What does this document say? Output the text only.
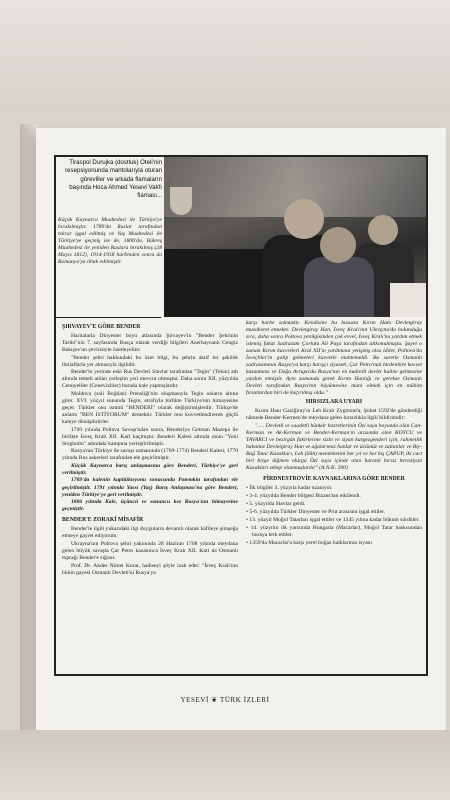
Tiraspol Durujka (dostluk) Oteli'nin resepsiyonunda mantolarıyla oturan görevliler ve arkada flamaların başında Hoca Ahmed Yesevi Vakfı flaması...
Küçük Kaynarca Muahedesi ile Türkiye'ye bırakılmıştır. 1789'da Ruslar tarafından tekrar işgal edilmiş ve Yaş Muahedesi ile Türkiye'ye geçmiş ise de, 1806'da, Bükreş Muahedesi ile yeniden Ruslara bırakılmış (28 Mayıs 1812), 1914-1918 harbinden sonra da Romanya'ya ilhak edilmiştir.
ŞIRVAYEV'E GÖRE BENDER

Haritalarla Dinyester boyu atlasında Şirvayev'in "Bender Şehrinin Tarihi"nin 7. sayfasında Rusça olarak verdiği bilgileri Azerbaycanlı Cengiz Bakışov'un çevirisiyle özetleyelim:

"Bender şehri hakkındaki bu özet bilgi, bu şehrin aktif bir şekilde ihtilaflarla yer almasıyla ilgilidir.

Bender'in yerinde eski Rus Devleti Slavlar tarafından "Tegin" (Tekin) adı altında temeli atılan yerleşim yeri mevcut olmuştur. Daha sonra XII. yüzyılda Cenuyeliler (Cenevizliler) burada kale yapmışlardır.

Moldova (sali Boğdan) Prensliği'nin oluşmasıyla Tegin onların altına girer. XVI. yüzyıl sonunda Tegin, etrafıyla birlikte Türkiye'nin himayesine geçer. Türkler onu ismini "BENDERİ" olarak değiştirmişlerdir. Türkçe'de anlamı "BEN İSTİYORUM" demektir. Türkler onu kuvvetlendirerek güçlü kaleye dönüştürürler.

1709 yılında Poltava Savaşı'ndan sonra, Benderiya Getman Mazepa ile birlikte İsveç Kralı XII. Karl kaçmıştır. Benderi Kalesi altında onun "Yeni Stogholm" adındaki kampına yerleştirilmiştir.

Rusya'nın Türkiye ile savaşı zamanında (1769-1774) Benderi Kalesi, 1770 yılında Rus askerleri tarafından ele geçirilmiştir.

Küçük Kaynarca barış anlaşmasına göre Benderi, Türkiye'ye geri verilmiştir.

1789'da kalenin kapitülasyonu sonucunda Potemkin tarafından ele geçirilmiştir. 1791 yılında Yassı (Yaş) Barış Anlaşması'na göre Benderi, yeniden Türkiye'ye geri verilmiştir.

1806 yılında Kale, üçüncü ve sonuncu kez Rusya'nın himayesine geçmiştir.

BENDER'E ZORAKİ MİSAFİR

Bender'le ilgili yukarıdaki ilgi duyguların devamlı olarak kafileye şimşeğa etmeye gayret ediyorum.

Ukrayna'nın Poltova şehri yakınında 28 Haziran 1708 yılında meydana gelen büyük savaşta Çar Petro kazanınca İsveç Kralı XII. Karl da Osmanlı toprağı Bender'e sığınır.

Prof. Dr. Akdes Nimet Kurat, hadiseyi şöyle izah eder: "İsveç Kralı'nın bütün gayesi Osmanlı Devleti'ni Rusya'ya

karşı harbe sokmaktı. Kendisine bu hususta Kırım Hanı Devletgiray muzaheret etmekte. Devletgiray Han, İsveç Kralı'nın Ukrayna'da bulunduğu sıra, daha sonra Poltova yenilgisinden çok evvel, İsveç Kralı'na yardım etmek istemiş fakat Sadrazam Çorlulu Ali Paşa tarafından alıkonulmuştu. Şayet o zaman Kırım kuvvetleri Kral XII'ın yardımına yetişmiş olsa idiler, Poltova'da İsveçliler'in galip gelmeleri kuvvetle muhtemeldi. Bu suretle Osmanlı sadrazamının Rusya'ya karşı barışçı siyaseti, Çar Petro'nun birdenbire kuvvet kazanması ve Doğu Avrupa'da Rusya'nın en kudretli devlet haline gelmesine yardım etmiştir. Aynı zamanda gerek Kırım Hanlığı ve gerekse Osmanlı Devleti tarafından Rusya'nın büyümesine mani olmak için en mühim fırsatlardan biri de kaçırılmış oldu."

HIRSIZLARA UYARI

Kırım Hanı Gaziğiray'ın Leh Kralı Zygmunt'a, Şubat 1592'de gönderdiği nâmede Bender-Kermen'de meydana gelen hırsızlıkla ilgili bildirimdir:

"..... Devletli ve saadetli hünkâr hazretlerinin Özi suyu boyunda olan Can-Kerman ve Ak-Kerman ve Bender-Kerman'ın arasında olan KOYCU ve TAVARCI ve bezirgân fakirlerine sizin ve siyan kurgezgenderi için, rahmetlik babamız Devletgiray Han ve ağalarımız hanlar ve ücümüz ve zultanlar ve Biy-Bağ Tatar Kazakları, Leh (ilâh) memleketini her yıl ve her kış ÇAPUP, iki curt biri birge diğmen olurga Özi suyu içinde olan haramî hırsız heristiyan Kazakları sebep olunmuşlardır" (A.N.K. 390)

PİRDNESTROVİE KAYNAKLARINA GÖRE BENDER
• İlk bilgiler 3. yüzyıla kadar uzanıyor.
• 3-4. yüzyılda Bender bölgesi Bizans'tan etkilendi.
• 5. yüzyılda Slavlar geldi.
• 5-6. yüzyılda Türkler Dinyester ve Prut arasısını işgal ettiler.
• 13. yüzyıl Moğol Tatarları işgal ettiler ve 1345 yılına kadar hükum sürdüler.
• 14. yüzyılın ilk yarısında Hungaria (Macarlar), Moğol Tatar baskısından buraya terk ettiler.
• 1359'da Macarlar'a karşı yerel boğaz halklarının isyanı
YESEVİ ❦ TÜRK İZLERİ
